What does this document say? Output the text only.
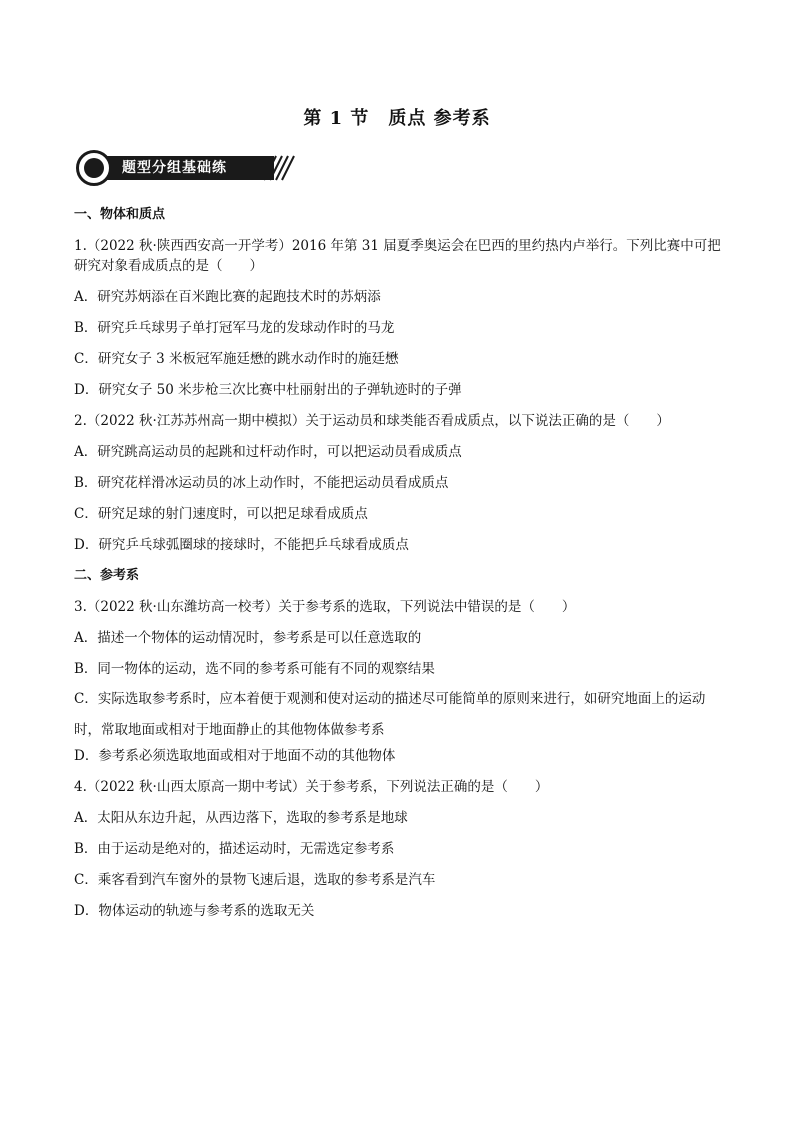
第 1 节　质点 参考系
题型分组基础练
一、物体和质点
1.（2022 秋·陕西西安高一开学考）2016 年第 31 届夏季奥运会在巴西的里约热内卢举行。下列比赛中可把研究对象看成质点的是（　　）
A．研究苏炳添在百米跑比赛的起跑技术时的苏炳添
B．研究乒乓球男子单打冠军马龙的发球动作时的马龙
C．研究女子 3 米板冠军施廷懋的跳水动作时的施廷懋
D．研究女子 50 米步枪三次比赛中杜丽射出的子弹轨迹时的子弹
2.（2022 秋·江苏苏州高一期中模拟）关于运动员和球类能否看成质点，以下说法正确的是（　　）
A．研究跳高运动员的起跳和过杆动作时，可以把运动员看成质点
B．研究花样滑冰运动员的冰上动作时，不能把运动员看成质点
C．研究足球的射门速度时，可以把足球看成质点
D．研究乒乓球弧圈球的接球时，不能把乒乓球看成质点
二、参考系
3.（2022 秋·山东潍坊高一校考）关于参考系的选取，下列说法中错误的是（　　）
A．描述一个物体的运动情况时，参考系是可以任意选取的
B．同一物体的运动，选不同的参考系可能有不同的观察结果
C．实际选取参考系时，应本着便于观测和使对运动的描述尽可能简单的原则来进行，如研究地面上的运动时，常取地面或相对于地面静止的其他物体做参考系
D．参考系必须选取地面或相对于地面不动的其他物体
4.（2022 秋·山西太原高一期中考试）关于参考系，下列说法正确的是（　　）
A．太阳从东边升起，从西边落下，选取的参考系是地球
B．由于运动是绝对的，描述运动时，无需选定参考系
C．乘客看到汽车窗外的景物飞速后退，选取的参考系是汽车
D．物体运动的轨迹与参考系的选取无关
